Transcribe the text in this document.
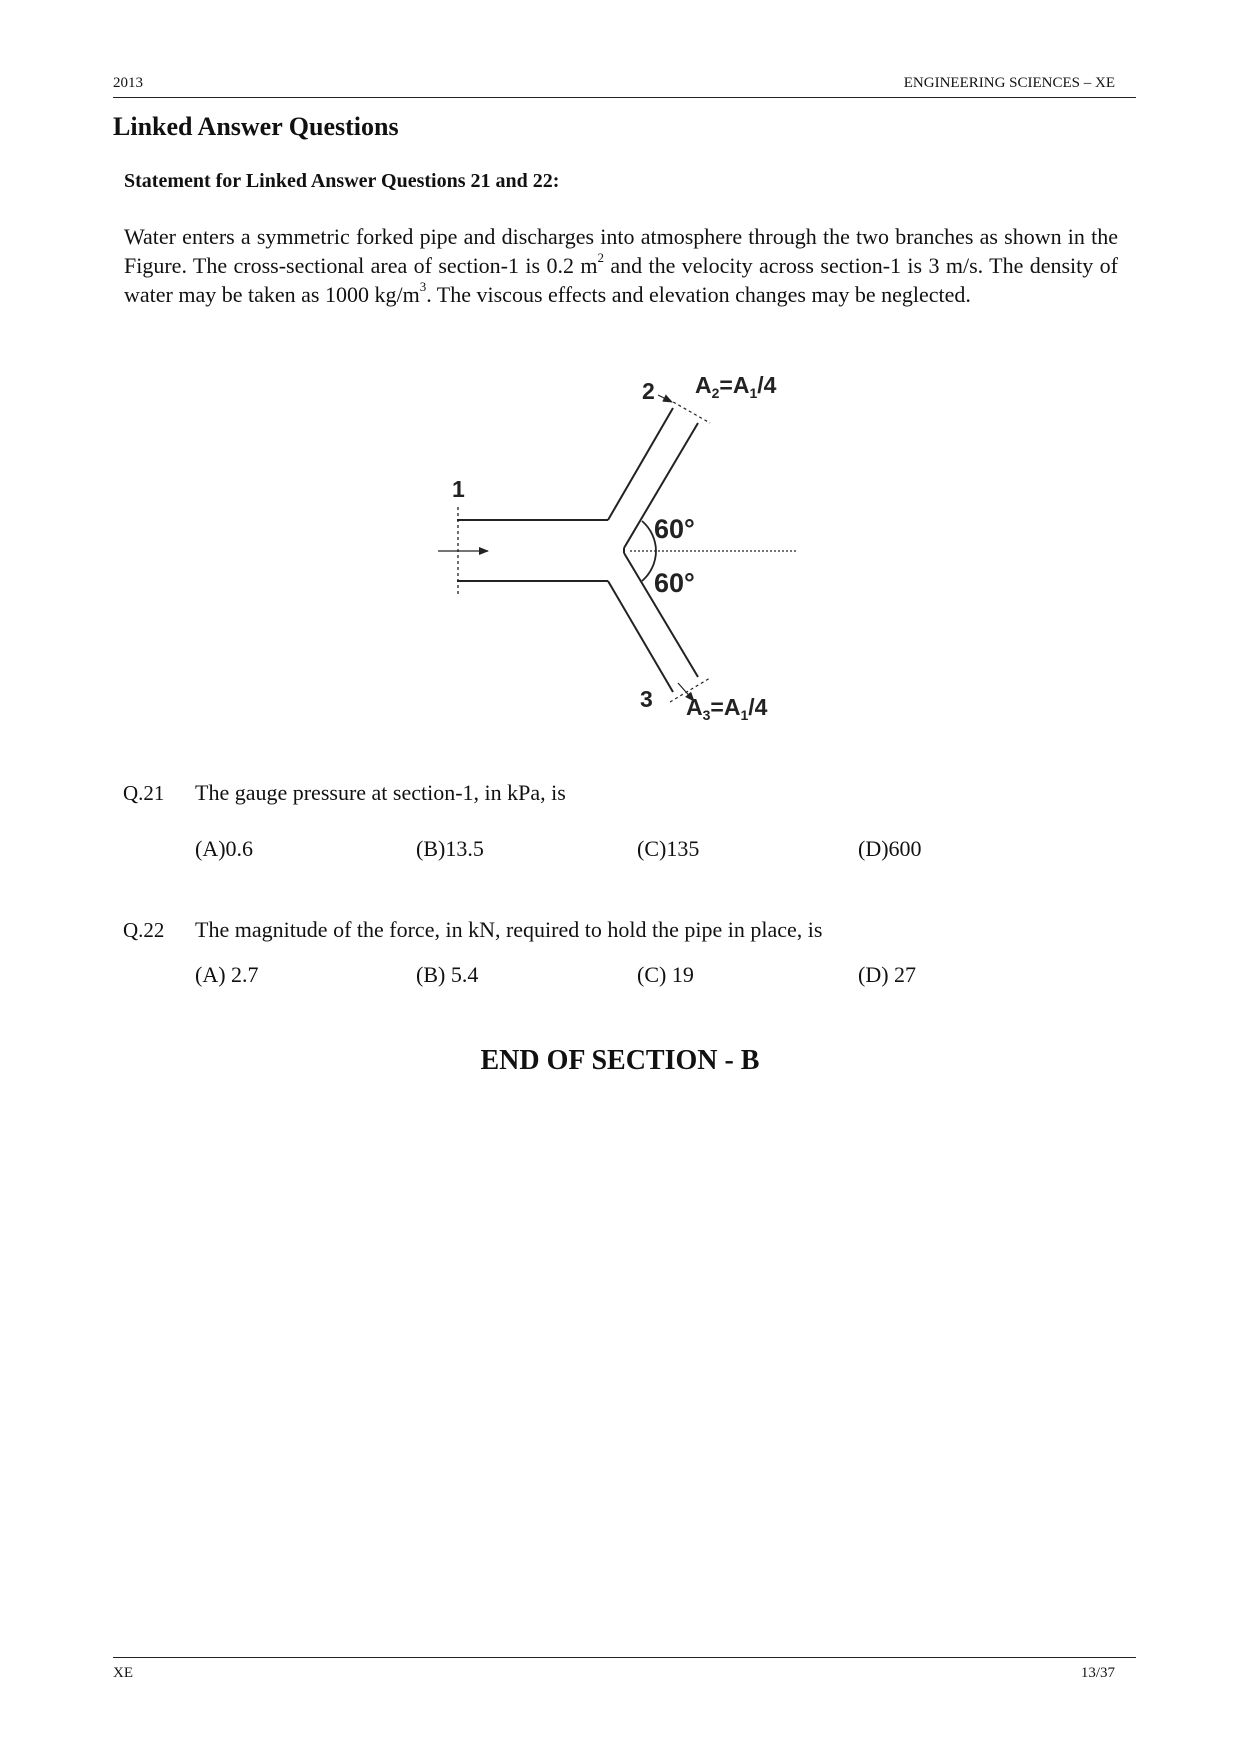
2013	ENGINEERING SCIENCES – XE
Linked Answer Questions
Statement for Linked Answer Questions 21 and 22:
Water enters a symmetric forked pipe and discharges into atmosphere through the two branches as shown in the Figure. The cross-sectional area of section-1 is 0.2 $m^2$ and the velocity across section-1 is 3 m/s. The density of water may be taken as 1000 $kg/m^3$. The viscous effects and elevation changes may be neglected.
1
2
3
60°
60°
$A_2=A_1/4$
$A_3=A_1/4$
Q.21 The gauge pressure at section-1, in kPa, is
(A)0.6	(B)13.5	(C)135	(D)600
Q.22 The magnitude of the force, in kN, required to hold the pipe in place, is
(A) 2.7	(B) 5.4	(C) 19	(D) 27
END OF SECTION - B
XE	13/37
